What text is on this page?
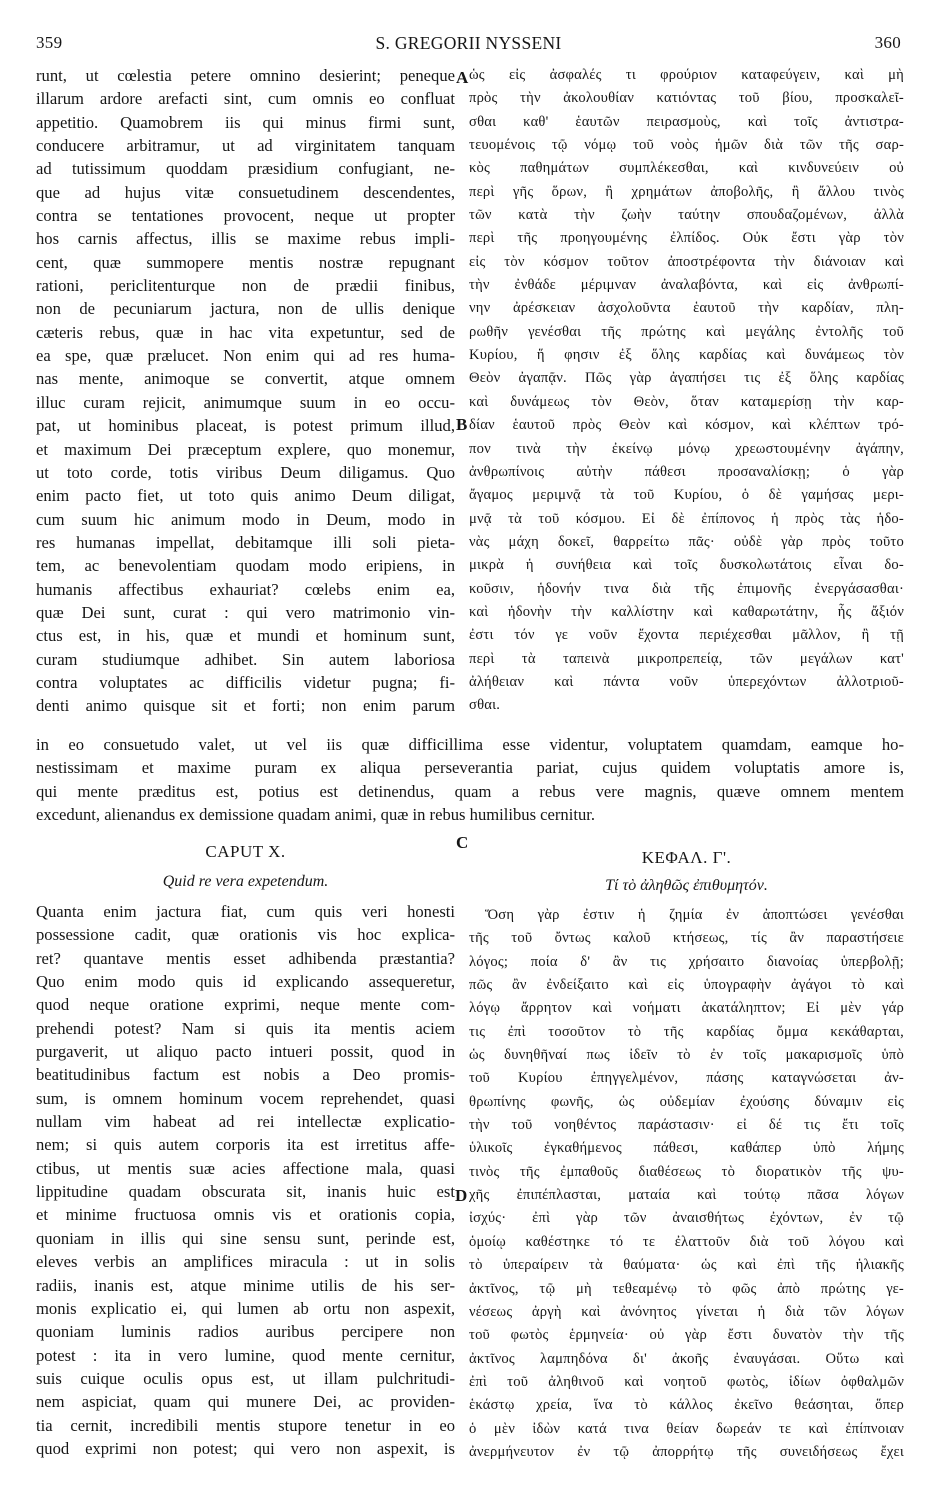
359	S. GREGORII NYSSENI	360
A
B
C
D
runt, ut cœlestia petere omnino desierint; peneque
illarum ardore arefacti sint, cum omnis eo confluat
appetitio. Quamobrem iis qui minus firmi sunt,
conducere arbitramur, ut ad virginitatem tanquam
ad tutissimum quoddam præsidium confugiant, ne-
que ad hujus vitæ consuetudinem descendentes,
contra se tentationes provocent, neque ut propter
hos carnis affectus, illis se maxime rebus impli-
cent, quæ summopere mentis nostræ repugnant
rationi, periclitenturque non de prædii finibus,
non de pecuniarum jactura, non de ullis denique
cæteris rebus, quæ in hac vita expetuntur, sed de
ea spe, quæ prælucet. Non enim qui ad res huma-
nas mente, animoque se convertit, atque omnem
illuc curam rejicit, animumque suum in eo occu-
pat, ut hominibus placeat, is potest primum illud,
et maximum Dei præceptum explere, quo monemur,
ut toto corde, totis viribus Deum diligamus. Quo
enim pacto fiet, ut toto quis animo Deum diligat,
cum suum hic animum modo in Deum, modo in
res humanas impellat, debitamque illi soli pieta-
tem, ac benevolentiam quodam modo eripiens, in
humanis affectibus exhauriat? cœlebs enim ea,
quæ Dei sunt, curat : qui vero matrimonio vin-
ctus est, in his, quæ et mundi et hominum sunt,
curam studiumque adhibet. Sin autem laboriosa
contra voluptates ac difficilis videtur pugna; fi-
denti animo quisque sit et forti; non enim parum
ὡς εἰς ἀσφαλές τι φρούριον καταφεύγειν, καὶ μὴ
πρὸς τὴν ἀκολουθίαν κατιόντας τοῦ βίου, προσκαλεῖ-
σθαι καθ' ἑαυτῶν πειρασμοὺς, καὶ τοῖς ἀντιστρα-
τευομένοις τῷ νόμῳ τοῦ νοὸς ἡμῶν διὰ τῶν τῆς σαρ-
κὸς παθημάτων συμπλέκεσθαι, καὶ κινδυνεύειν οὐ
περὶ γῆς ὅρων, ἢ χρημάτων ἀποβολῆς, ἢ ἄλλου τινὸς
τῶν κατὰ τὴν ζωὴν ταύτην σπουδαζομένων, ἀλλὰ
περὶ τῆς προηγουμένης ἐλπίδος. Οὐκ ἔστι γὰρ τὸν
εἰς τὸν κόσμον τοῦτον ἀποστρέφοντα τὴν διάνοιαν καὶ
τὴν ἐνθάδε μέριμναν ἀναλαβόντα, καὶ εἰς ἀνθρωπί-
νην ἀρέσκειαν ἀσχολοῦντα ἑαυτοῦ τὴν καρδίαν, πλη-
ρωθῆν γενέσθαι τῆς πρώτης καὶ μεγάλης ἐντολῆς τοῦ
Κυρίου, ἥ φησιν ἐξ ὅλης καρδίας καὶ δυνάμεως τὸν
Θεὸν ἀγαπᾷν. Πῶς γὰρ ἀγαπήσει τις ἐξ ὅλης καρδίας
καὶ δυνάμεως τὸν Θεὸν, ὅταν καταμερίσῃ τὴν καρ-
δίαν ἑαυτοῦ πρὸς Θεὸν καὶ κόσμον, καὶ κλέπτων τρό-
πον τινὰ τὴν ἐκείνῳ μόνῳ χρεωστουμένην ἀγάπην,
ἀνθρωπίνοις αὐτὴν πάθεσι προσαναλίσκῃ; ὁ γὰρ
ἄγαμος μεριμνᾷ τὰ τοῦ Κυρίου, ὁ δὲ γαμήσας μερι-
μνᾷ τὰ τοῦ κόσμου. Εἰ δὲ ἐπίπονος ἡ πρὸς τὰς ἡδο-
νὰς μάχη δοκεῖ, θαρρείτω πᾶς· οὐδὲ γὰρ πρὸς τοῦτο
μικρὰ ἡ συνήθεια καὶ τοῖς δυσκολωτάτοις εἶναι δο-
κοῦσιν, ἡδονήν τινα διὰ τῆς ἐπιμονῆς ἐνεργάσασθαι·
καὶ ἡδονὴν τὴν καλλίστην καὶ καθαρωτάτην, ἧς ἄξιόν
ἐστι τόν γε νοῦν ἔχοντα περιέχεσθαι μᾶλλον, ἢ τῇ
περὶ τὰ ταπεινὰ μικροπρεπείᾳ, τῶν μεγάλων κατ'
ἀλήθειαν καὶ πάντα νοῦν ὑπερεχόντων ἀλλοτριοῦ-
σθαι.
in eo consuetudo valet, ut vel iis quæ difficillima esse videntur, voluptatem quamdam, eamque ho-
nestissimam et maxime puram ex aliqua perseverantia pariat, cujus quidem voluptatis amore is,
qui mente præditus est, potius est detinendus, quam a rebus vere magnis, quæve omnem mentem
excedunt, alienandus ex demissione quadam animi, quæ in rebus humilibus cernitur.
CAPUT X.
Quid re vera expetendum.
ΚΕΦΑΛ. Γ'.
Τί τὸ ἀληθῶς ἐπιθυμητόν.
Quanta enim jactura fiat, cum quis veri honesti
possessione cadit, quæ orationis vis hoc explica-
ret? quantave mentis esset adhibenda præstantia?
Quo enim modo quis id explicando assequeretur,
quod neque oratione exprimi, neque mente com-
prehendi potest? Nam si quis ita mentis aciem
purgaverit, ut aliquo pacto intueri possit, quod in
beatitudinibus factum est nobis a Deo promis-
sum, is omnem hominum vocem reprehendet, quasi
nullam vim habeat ad rei intellectæ explicatio-
nem; si quis autem corporis ita est irretitus affe-
ctibus, ut mentis suæ acies affectione mala, quasi
lippitudine quadam obscurata sit, inanis huic est
et minime fructuosa omnis vis et orationis copia,
quoniam in illis qui sine sensu sunt, perinde est,
eleves verbis an amplifices miracula : ut in solis
radiis, inanis est, atque minime utilis de his ser-
monis explicatio ei, qui lumen ab ortu non aspexit,
quoniam luminis radios auribus percipere non
potest : ita in vero lumine, quod mente cernitur,
suis cuique oculis opus est, ut illam pulchritudi-
nem aspiciat, quam qui munere Dei, ac providen-
tia cernit, incredibili mentis stupore tenetur in eo
quod exprimi non potest; qui vero non aspexit, is
Ὅση γὰρ ἐστιν ἡ ζημία ἐν ἀποπτώσει γενέσθαι
τῆς τοῦ ὄντως καλοῦ κτήσεως, τίς ἂν παραστήσειε
λόγος; ποία δ' ἂν τις χρήσαιτο διανοίας ὑπερβολῇ;
πῶς ἂν ἐνδείξαιτο καὶ εἰς ὑπογραφὴν ἀγάγοι τὸ καὶ
λόγῳ ἄρρητον καὶ νοήματι ἀκατάληπτον; Εἰ μὲν γάρ
τις ἐπὶ τοσοῦτον τὸ τῆς καρδίας ὄμμα κεκάθαρται,
ὡς δυνηθῆναί πως ἰδεῖν τὸ ἐν τοῖς μακαρισμοῖς ὑπὸ
τοῦ Κυρίου ἐπηγγελμένον, πάσης καταγνώσεται ἀν-
θρωπίνης φωνῆς, ὡς οὐδεμίαν ἐχούσης δύναμιν εἰς
τὴν τοῦ νοηθέντος παράστασιν· εἰ δέ τις ἔτι τοῖς
ὑλικοῖς ἐγκαθήμενος πάθεσι, καθάπερ ὑπὸ λήμης
τινὸς τῆς ἐμπαθοῦς διαθέσεως τὸ διορατικὸν τῆς ψυ-
χῆς ἐπιπέπλασται, ματαία καὶ τούτῳ πᾶσα λόγων
ἰσχύς· ἐπὶ γὰρ τῶν ἀναισθήτως ἐχόντων, ἐν τῷ
ὁμοίῳ καθέστηκε τό τε ἐλαττοῦν διὰ τοῦ λόγου καὶ
τὸ ὑπεραίρειν τὰ θαύματα· ὡς καὶ ἐπὶ τῆς ἡλιακῆς
ἀκτῖνος, τῷ μὴ τεθεαμένῳ τὸ φῶς ἀπὸ πρώτης γε-
νέσεως ἀργὴ καὶ ἀνόνητος γίνεται ἡ διὰ τῶν λόγων
τοῦ φωτὸς ἑρμηνεία· οὐ γὰρ ἔστι δυνατὸν τὴν τῆς
ἀκτῖνος λαμπηδόνα δι' ἀκοῆς ἐναυγάσαι. Οὕτω καὶ
ἐπὶ τοῦ ἀληθινοῦ καὶ νοητοῦ φωτὸς, ἰδίων ὀφθαλμῶν
ἑκάστῳ χρεία, ἵνα τὸ κάλλος ἐκεῖνο θεάσηται, ὅπερ
ὁ μὲν ἰδὼν κατά τινα θείαν δωρεάν τε καὶ ἐπίπνοιαν
ἀνερμήνευτον ἐν τῷ ἀπορρήτῳ τῆς συνειδήσεως ἔχει
